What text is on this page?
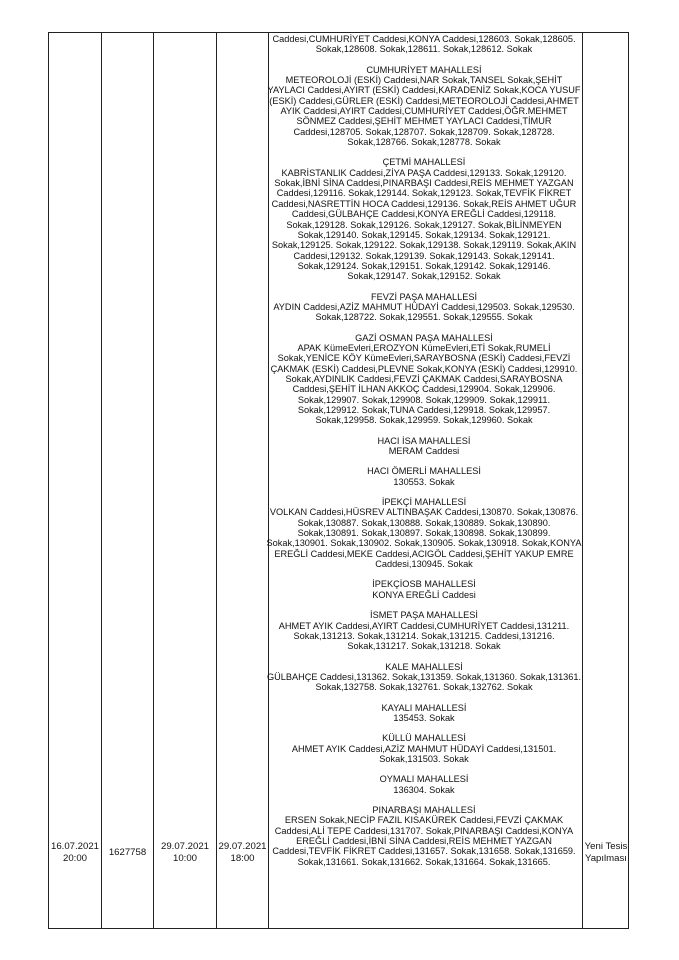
16.07.2021
20:00
1627758
29.07.2021
10:00
29.07.2021
18:00
Yeni Tesis
Yapılması
Caddesi,CUMHURİYET Caddesi,KONYA Caddesi,128603. Sokak,128605. Sokak,128608. Sokak,128611. Sokak,128612. Sokak
CUMHURİYET MAHALLESİ
METEOROLOJİ (ESKİ) Caddesi,NAR Sokak,TANSEL Sokak,ŞEHİT YAYLACI Caddesi,AYIRT (ESKİ) Caddesi,KARADENİZ Sokak,KOCA YUSUF (ESKİ) Caddesi,GÜRLER (ESKİ) Caddesi,METEOROLOJİ Caddesi,AHMET AYIK Caddesi,AYIRT Caddesi,CUMHURİYET Caddesi,ÖĞR.MEHMET SÖNMEZ Caddesi,ŞEHİT MEHMET YAYLACI Caddesi,TİMUR Caddesi,128705. Sokak,128707. Sokak,128709. Sokak,128728. Sokak,128766. Sokak,128778. Sokak
ÇETMİ MAHALLESİ
KABRİSTANLIK Caddesi,ZİYA PAŞA Caddesi,129133. Sokak,129120. Sokak,İBNİ SİNA Caddesi,PINARBAŞI Caddesi,REİS MEHMET YAZGAN Caddesi,129116. Sokak,129144. Sokak,129123. Sokak,TEVFİK FİKRET Caddesi,NASRETTİN HOCA Caddesi,129136. Sokak,REİS AHMET UĞUR Caddesi,GÜLBAHÇE Caddesi,KONYA EREĞLİ Caddesi,129118. Sokak,129128. Sokak,129126. Sokak,129127. Sokak,BİLİNMEYEN Sokak,129140. Sokak,129145. Sokak,129134. Sokak,129121. Sokak,129125. Sokak,129122. Sokak,129138. Sokak,129119. Sokak,AKIN Caddesi,129132. Sokak,129139. Sokak,129143. Sokak,129141. Sokak,129124. Sokak,129151. Sokak,129142. Sokak,129146. Sokak,129147. Sokak,129152. Sokak
FEVZİ PAŞA MAHALLESİ
AYDIN Caddesi,AZİZ MAHMUT HÜDAYİ Caddesi,129503. Sokak,129530. Sokak,128722. Sokak,129551. Sokak,129555. Sokak
GAZİ OSMAN PAŞA MAHALLESİ
APAK KümeEvleri,EROZYON KümeEvleri,ETİ Sokak,RUMELİ Sokak,YENİCE KÖY KümeEvleri,SARAYBOSNA (ESKİ) Caddesi,FEVZİ ÇAKMAK (ESKİ) Caddesi,PLEVNE Sokak,KONYA (ESKİ) Caddesi,129910. Sokak,AYDINLIK Caddesi,FEVZİ ÇAKMAK Caddesi,SARAYBOSNA Caddesi,ŞEHİT İLHAN AKKOÇ Caddesi,129904. Sokak,129906. Sokak,129907. Sokak,129908. Sokak,129909. Sokak,129911. Sokak,129912. Sokak,TUNA Caddesi,129918. Sokak,129957. Sokak,129958. Sokak,129959. Sokak,129960. Sokak
HACI İSA MAHALLESİ
MERAM Caddesi
HACI ÖMERLİ MAHALLESİ
130553. Sokak
İPEKÇİ MAHALLESİ
VOLKAN Caddesi,HÜSREV ALTINBAŞAK Caddesi,130870. Sokak,130876. Sokak,130887. Sokak,130888. Sokak,130889. Sokak,130890. Sokak,130891. Sokak,130897. Sokak,130898. Sokak,130899. Sokak,130901. Sokak,130902. Sokak,130905. Sokak,130918. Sokak,KONYA EREĞLİ Caddesi,MEKE Caddesi,ACIGÖL Caddesi,ŞEHİT YAKUP EMRE Caddesi,130945. Sokak
İPEKÇİOSB MAHALLESİ
KONYA EREĞLİ Caddesi
İSMET PAŞA MAHALLESİ
AHMET AYIK Caddesi,AYIRT Caddesi,CUMHURİYET Caddesi,131211. Sokak,131213. Sokak,131214. Sokak,131215. Caddesi,131216. Sokak,131217. Sokak,131218. Sokak
KALE MAHALLESİ
GÜLBAHÇE Caddesi,131362. Sokak,131359. Sokak,131360. Sokak,131361. Sokak,132758. Sokak,132761. Sokak,132762. Sokak
KAYALI MAHALLESİ
135453. Sokak
KÜLLÜ MAHALLESİ
AHMET AYIK Caddesi,AZİZ MAHMUT HÜDAYİ Caddesi,131501. Sokak,131503. Sokak
OYMALI MAHALLESİ
136304. Sokak
PINARBAŞI MAHALLESİ
ERSEN Sokak,NECİP FAZIL KISAKÜREK Caddesi,FEVZİ ÇAKMAK Caddesi,ALİ TEPE Caddesi,131707. Sokak,PINARBAŞI Caddesi,KONYA EREĞLİ Caddesi,İBNİ SİNA Caddesi,REİS MEHMET YAZGAN Caddesi,TEVFİK FİKRET Caddesi,131657. Sokak,131658. Sokak,131659. Sokak,131661. Sokak,131662. Sokak,131664. Sokak,131665.
